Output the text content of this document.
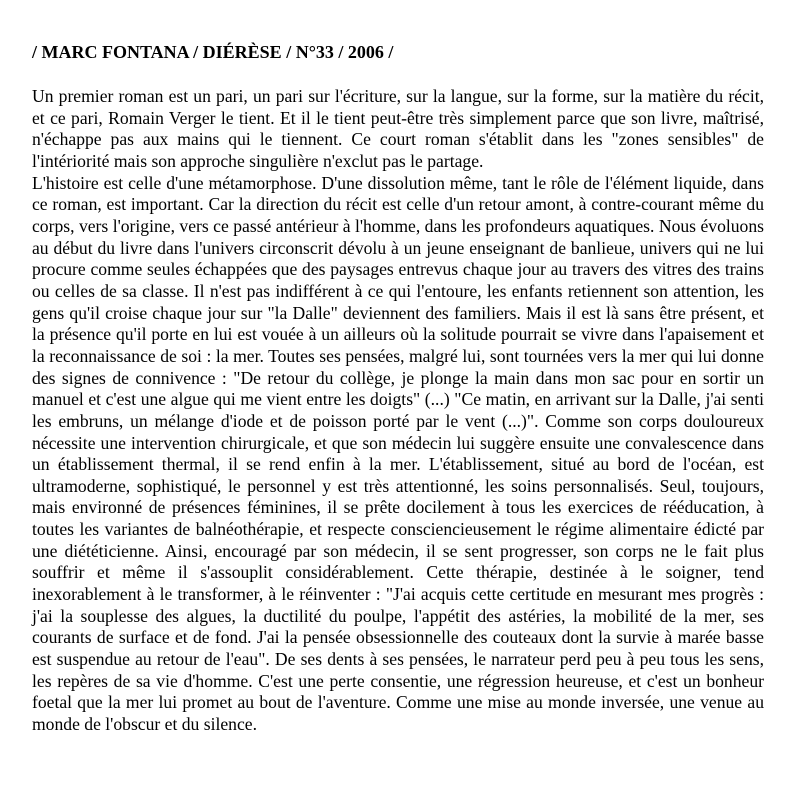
/ MARC FONTANA / DIÉRÈSE / N°33 / 2006 /

Un premier roman est un pari, un pari sur l'écriture, sur la langue, sur la forme, sur la matière du récit, et ce pari, Romain Verger le tient. Et il le tient peut-être très simplement parce que son livre, maîtrisé, n'échappe pas aux mains qui le tiennent. Ce court roman s'établit dans les "zones sensibles" de l'intériorité mais son approche singulière n'exclut pas le partage.

L'histoire est celle d'une métamorphose. D'une dissolution même, tant le rôle de l'élément liquide, dans ce roman, est important. Car la direction du récit est celle d'un retour amont, à contre-courant même du corps, vers l'origine, vers ce passé antérieur à l'homme, dans les profondeurs aquatiques. Nous évoluons au début du livre dans l'univers circonscrit dévolu à un jeune enseignant de banlieue, univers qui ne lui procure comme seules échappées que des paysages entrevus chaque jour au travers des vitres des trains ou celles de sa classe. Il n'est pas indifférent à ce qui l'entoure, les enfants retiennent son attention, les gens qu'il croise chaque jour sur "la Dalle" deviennent des familiers. Mais il est là sans être présent, et la présence qu'il porte en lui est vouée à un ailleurs où la solitude pourrait se vivre dans l'apaisement et la reconnaissance de soi : la mer. Toutes ses pensées, malgré lui, sont tournées vers la mer qui lui donne des signes de connivence : "De retour du collège, je plonge la main dans mon sac pour en sortir un manuel et c'est une algue qui me vient entre les doigts" (...) "Ce matin, en arrivant sur la Dalle, j'ai senti les embruns, un mélange d'iode et de poisson porté par le vent (...)". Comme son corps douloureux nécessite une intervention chirurgicale, et que son médecin lui suggère ensuite une convalescence dans un établissement thermal, il se rend enfin à la mer. L'établissement, situé au bord de l'océan, est ultramoderne, sophistiqué, le personnel y est très attentionné, les soins personnalisés. Seul, toujours, mais environné de présences féminines, il se prête docilement à tous les exercices de rééducation, à toutes les variantes de balnéothérapie, et respecte consciencieusement le régime alimentaire édicté par une diététicienne. Ainsi, encouragé par son médecin, il se sent progresser, son corps ne le fait plus souffrir et même il s'assouplit considérablement. Cette thérapie, destinée à le soigner, tend inexorablement à le transformer, à le réinventer : "J'ai acquis cette certitude en mesurant mes progrès : j'ai la souplesse des algues, la ductilité du poulpe, l'appétit des astéries, la mobilité de la mer, ses courants de surface et de fond. J'ai la pensée obsessionnelle des couteaux dont la survie à marée basse est suspendue au retour de l'eau". De ses dents à ses pensées, le narrateur perd peu à peu tous les sens, les repères de sa vie d'homme. C'est une perte consentie, une régression heureuse, et c'est un bonheur foetal que la mer lui promet au bout de l'aventure. Comme une mise au monde inversée, une venue au monde de l'obscur et du silence.
